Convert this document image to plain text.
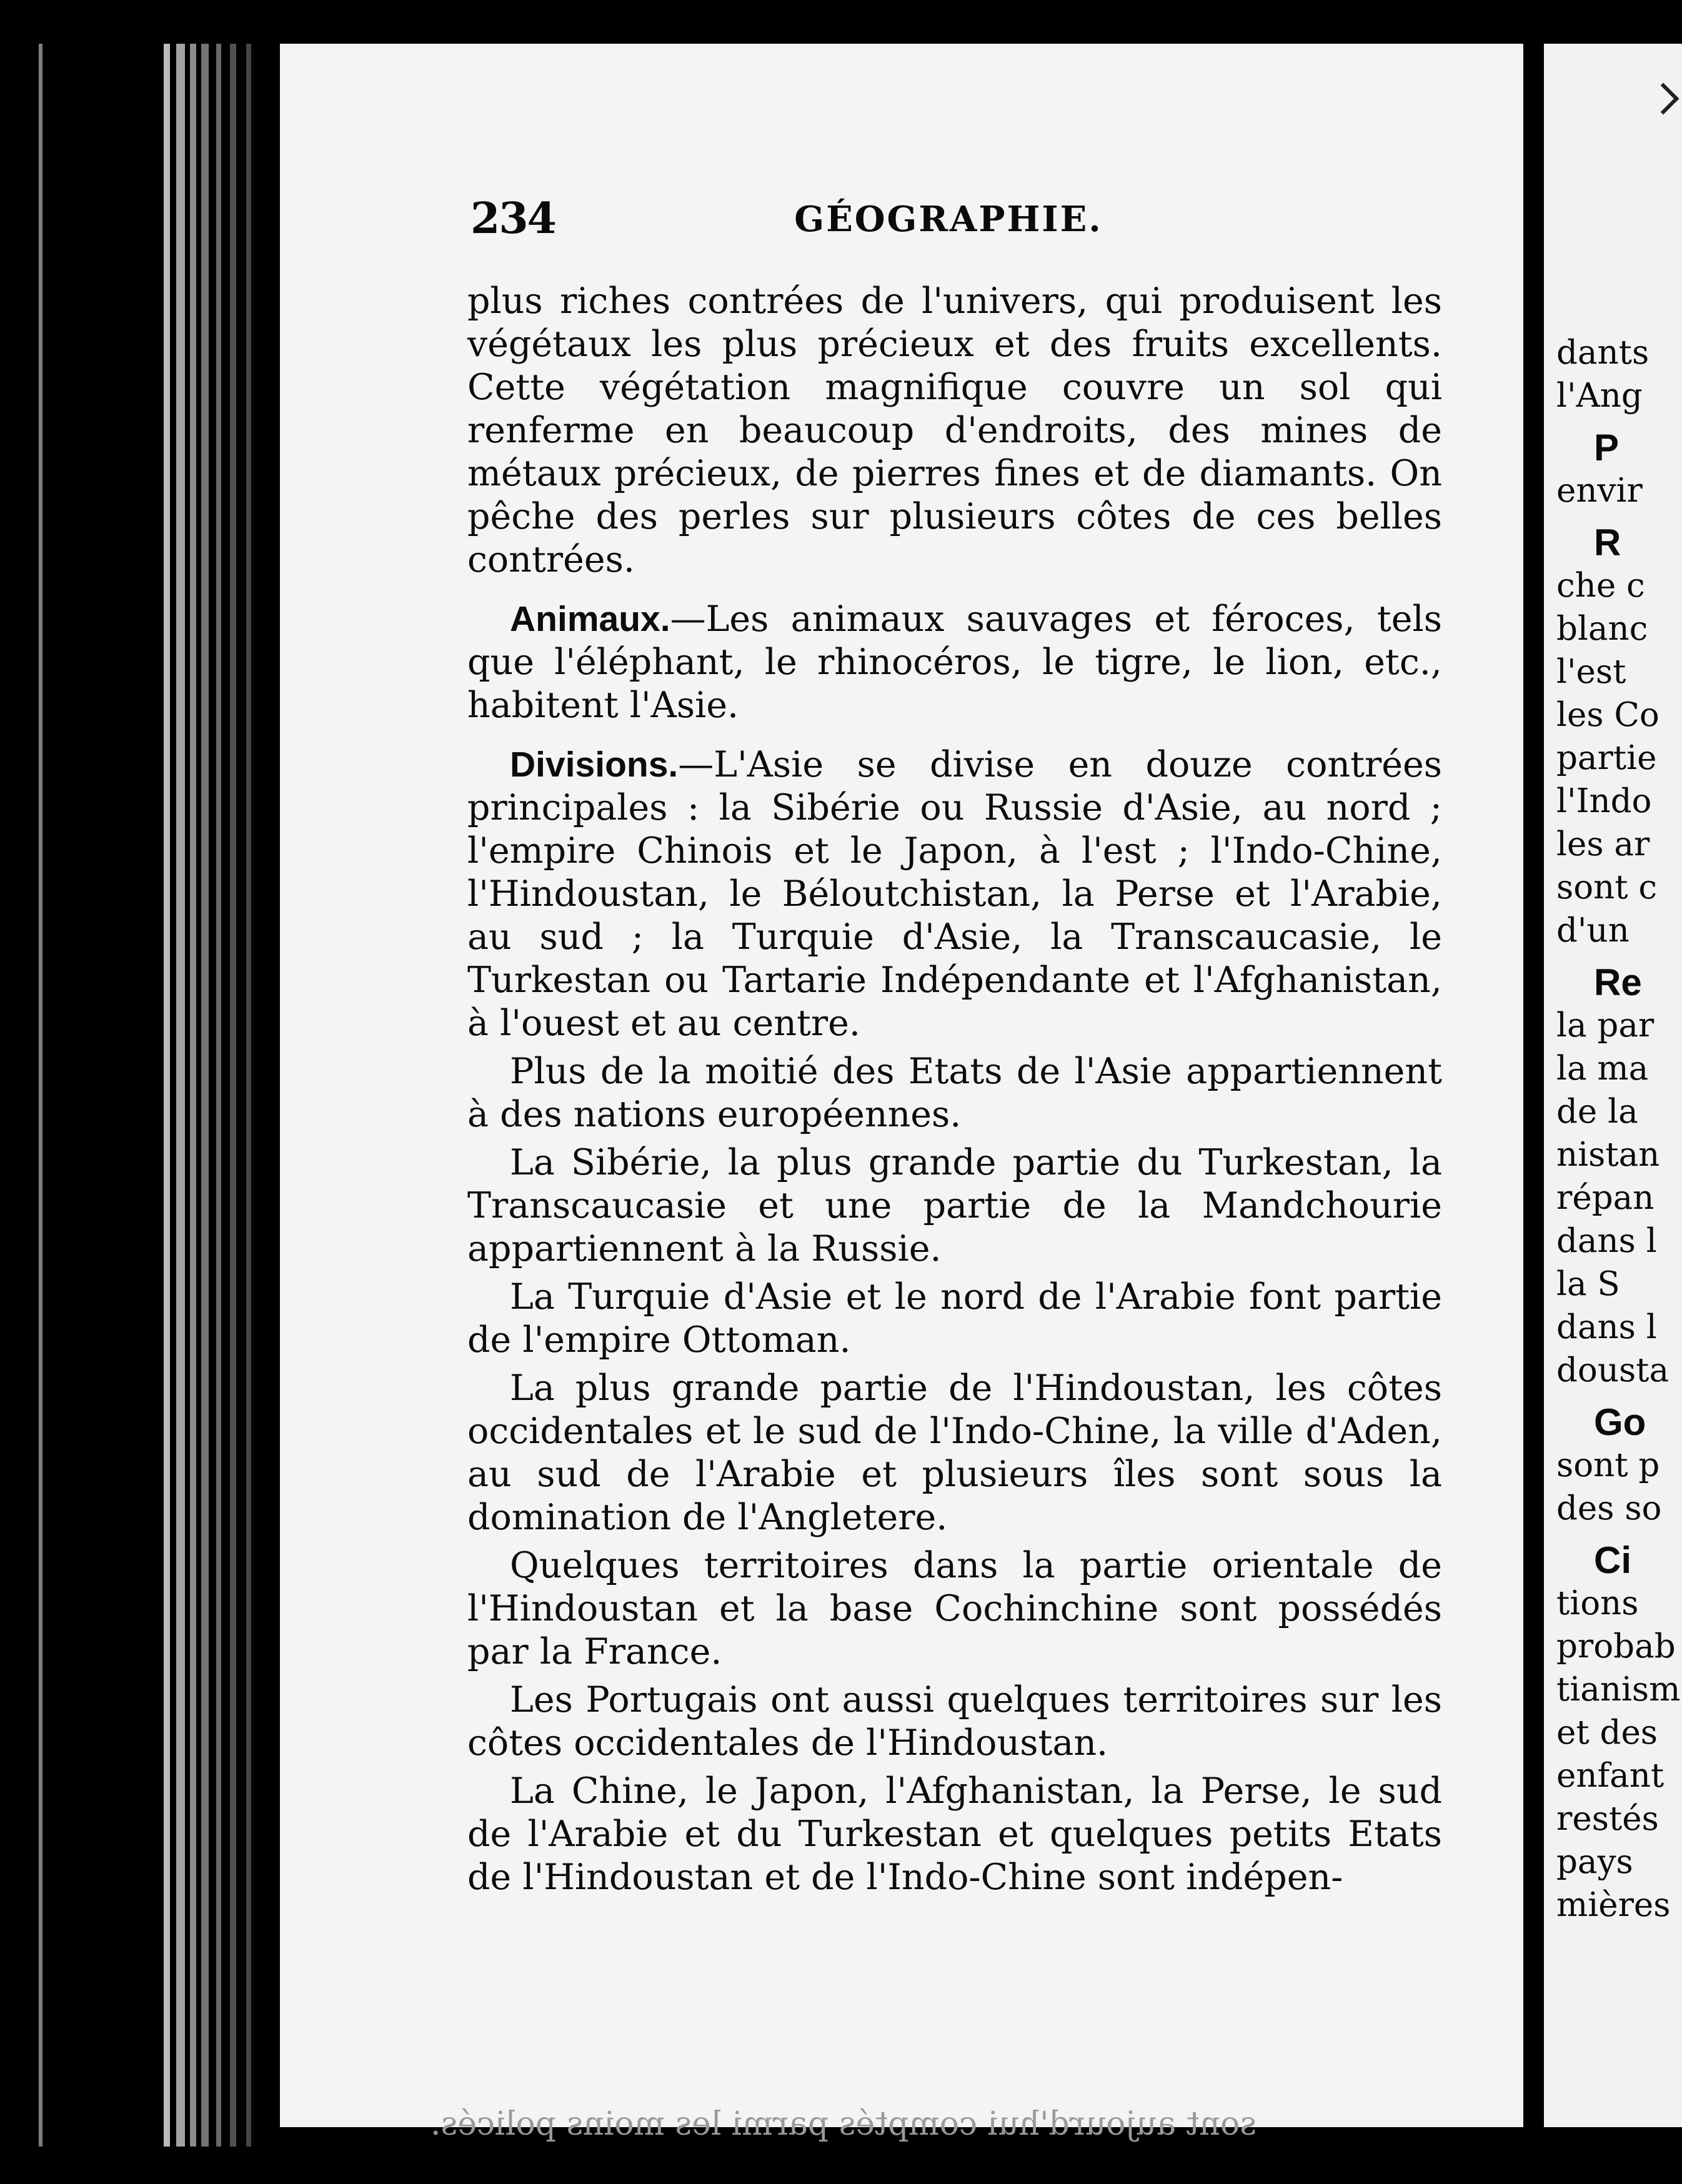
234	GÉOGRAPHIE.

plus riches contrées de l'univers, qui produisent les végétaux les plus précieux et des fruits excellents. Cette végétation magnifique couvre un sol qui renferme en beaucoup d'endroits, des mines de métaux précieux, de pierres fines et de diamants. On pêche des perles sur plusieurs côtes de ces belles contrées.

Animaux.—Les animaux sauvages et féroces, tels que l'éléphant, le rhinocéros, le tigre, le lion, etc., habitent l'Asie.

Divisions.—L'Asie se divise en douze contrées principales : la Sibérie ou Russie d'Asie, au nord ; l'empire Chinois et le Japon, à l'est ; l'Indo-Chine, l'Hindoustan, le Béloutchistan, la Perse et l'Arabie, au sud ; la Turquie d'Asie, la Transcaucasie, le Turkestan ou Tartarie Indépendante et l'Afghanistan, à l'ouest et au centre.

Plus de la moitié des Etats de l'Asie appartiennent à des nations européennes.

La Sibérie, la plus grande partie du Turkestan, la Transcaucasie et une partie de la Mandchourie appartiennent à la Russie.

La Turquie d'Asie et le nord de l'Arabie font partie de l'empire Ottoman.

La plus grande partie de l'Hindoustan, les côtes occidentales et le sud de l'Indo-Chine, la ville d'Aden, au sud de l'Arabie et plusieurs îles sont sous la domination de l'Angletere.

Quelques territoires dans la partie orientale de l'Hindoustan et la base Cochinchine sont possédés par la France.

Les Portugais ont aussi quelques territoires sur les côtes occidentales de l'Hindoustan.

La Chine, le Japon, l'Afghanistan, la Perse, le sud de l'Arabie et du Turkestan et quelques petits Etats de l'Hindoustan et de l'Indo-Chine sont indépen-

sont aujourd'hui comptés parmi les moins policés.

dants

l'Ang

P

envir

R

che c

blanc

l'est

les Co

partie

l'Indo

les ar

sont c

d'un

Re

la par

la ma

de la

nistan

répan

dans l

la S

dans l

dousta

Go

sont p

des so

Ci

tions

probab

tianism

et des

enfant

restés

pays

mières
